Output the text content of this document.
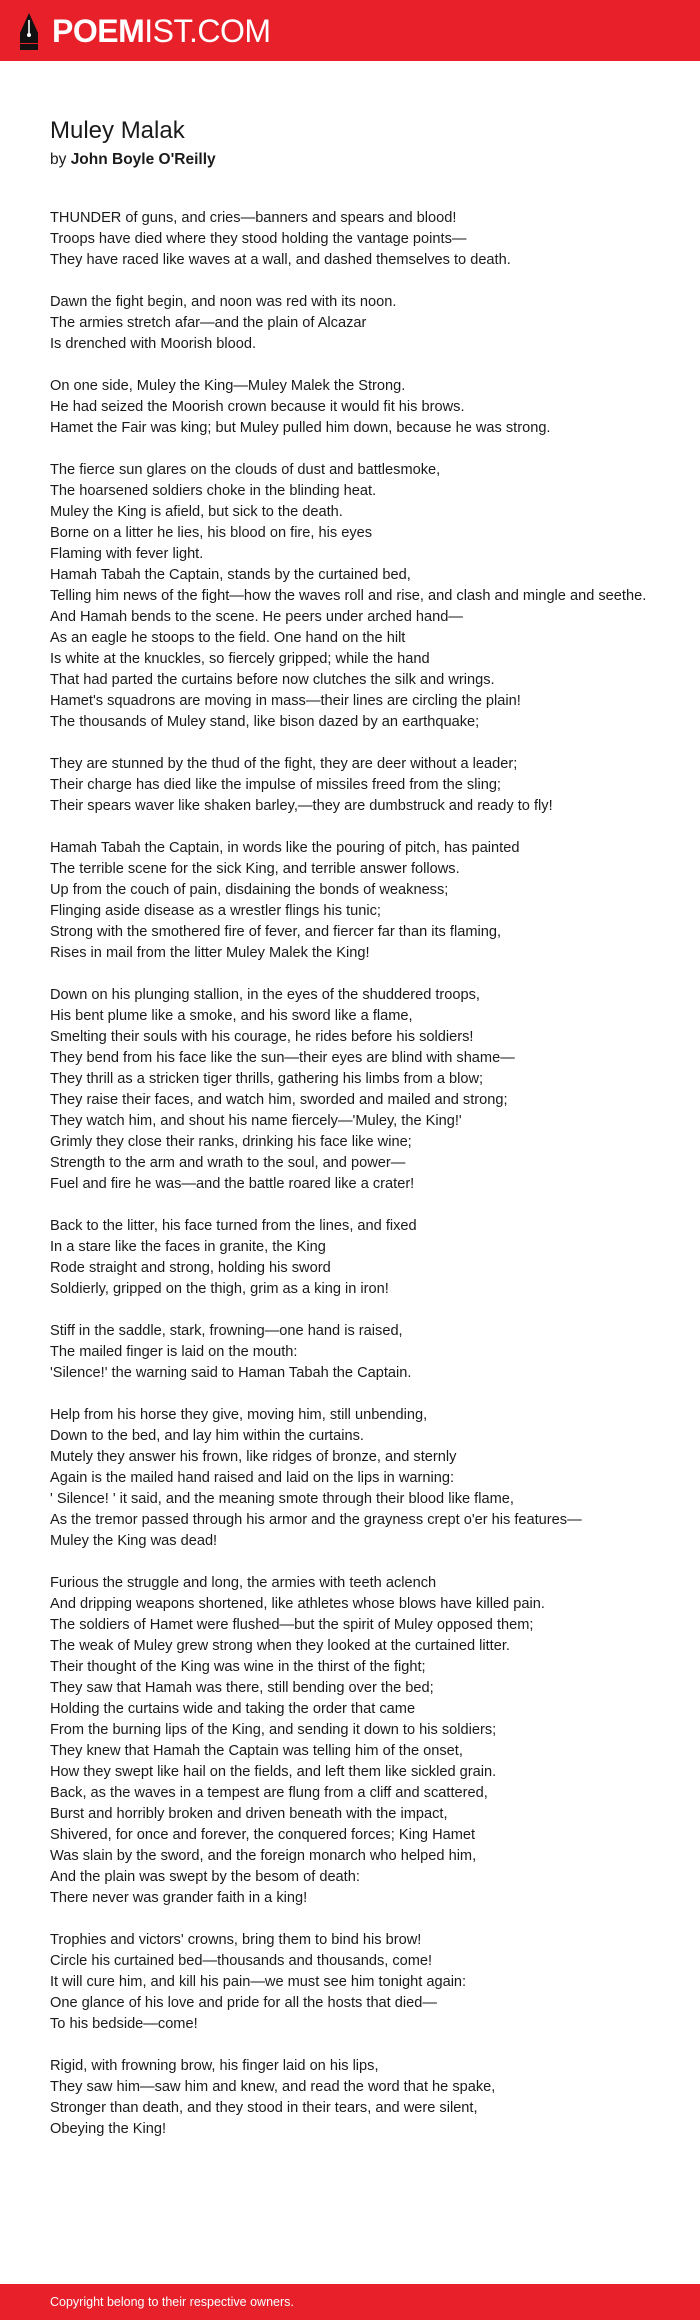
POEMIST.COM
Muley Malak
by John Boyle O'Reilly
THUNDER of guns, and cries—banners and spears and blood!
Troops have died where they stood holding the vantage points—
They have raced like waves at a wall, and dashed themselves to death.
Dawn the fight begin, and noon was red with its noon.
The armies stretch afar—and the plain of Alcazar
Is drenched with Moorish blood.
On one side, Muley the King—Muley Malek the Strong.
He had seized the Moorish crown because it would fit his brows.
Hamet the Fair was king; but Muley pulled him down, because he was strong.
The fierce sun glares on the clouds of dust and battlesmoke,
The hoarsened soldiers choke in the blinding heat.
Muley the King is afield, but sick to the death.
Borne on a litter he lies, his blood on fire, his eyes
Flaming with fever light.
Hamah Tabah the Captain, stands by the curtained bed,
Telling him news of the fight—how the waves roll and rise, and clash and mingle and seethe.
And Hamah bends to the scene. He peers under arched hand—
As an eagle he stoops to the field. One hand on the hilt
Is white at the knuckles, so fiercely gripped; while the hand
That had parted the curtains before now clutches the silk and wrings.
Hamet's squadrons are moving in mass—their lines are circling the plain!
The thousands of Muley stand, like bison dazed by an earthquake;
They are stunned by the thud of the fight, they are deer without a leader;
Their charge has died like the impulse of missiles freed from the sling;
Their spears waver like shaken barley,—they are dumbstruck and ready to fly!
Hamah Tabah the Captain, in words like the pouring of pitch, has painted
The terrible scene for the sick King, and terrible answer follows.
Up from the couch of pain, disdaining the bonds of weakness;
Flinging aside disease as a wrestler flings his tunic;
Strong with the smothered fire of fever, and fiercer far than its flaming,
Rises in mail from the litter Muley Malek the King!
Down on his plunging stallion, in the eyes of the shuddered troops,
His bent plume like a smoke, and his sword like a flame,
Smelting their souls with his courage, he rides before his soldiers!
They bend from his face like the sun—their eyes are blind with shame—
They thrill as a stricken tiger thrills, gathering his limbs from a blow;
They raise their faces, and watch him, sworded and mailed and strong;
They watch him, and shout his name fiercely—'Muley, the King!'
Grimly they close their ranks, drinking his face like wine;
Strength to the arm and wrath to the soul, and power—
Fuel and fire he was—and the battle roared like a crater!
Back to the litter, his face turned from the lines, and fixed
In a stare like the faces in granite, the King
Rode straight and strong, holding his sword
Soldierly, gripped on the thigh, grim as a king in iron!
Stiff in the saddle, stark, frowning—one hand is raised,
The mailed finger is laid on the mouth:
'Silence!' the warning said to Haman Tabah the Captain.
Help from his horse they give, moving him, still unbending,
Down to the bed, and lay him within the curtains.
Mutely they answer his frown, like ridges of bronze, and sternly
Again is the mailed hand raised and laid on the lips in warning:
' Silence! ' it said, and the meaning smote through their blood like flame,
As the tremor passed through his armor and the grayness crept o'er his features—
Muley the King was dead!
Furious the struggle and long, the armies with teeth aclench
And dripping weapons shortened, like athletes whose blows have killed pain.
The soldiers of Hamet were flushed—but the spirit of Muley opposed them;
The weak of Muley grew strong when they looked at the curtained litter.
Their thought of the King was wine in the thirst of the fight;
They saw that Hamah was there, still bending over the bed;
Holding the curtains wide and taking the order that came
From the burning lips of the King, and sending it down to his soldiers;
They knew that Hamah the Captain was telling him of the onset,
How they swept like hail on the fields, and left them like sickled grain.
Back, as the waves in a tempest are flung from a cliff and scattered,
Burst and horribly broken and driven beneath with the impact,
Shivered, for once and forever, the conquered forces; King Hamet
Was slain by the sword, and the foreign monarch who helped him,
And the plain was swept by the besom of death:
There never was grander faith in a king!
Trophies and victors' crowns, bring them to bind his brow!
Circle his curtained bed—thousands and thousands, come!
It will cure him, and kill his pain—we must see him tonight again:
One glance of his love and pride for all the hosts that died—
To his bedside—come!
Rigid, with frowning brow, his finger laid on his lips,
They saw him—saw him and knew, and read the word that he spake,
Stronger than death, and they stood in their tears, and were silent,
Obeying the King!
Copyright belong to their respective owners.
